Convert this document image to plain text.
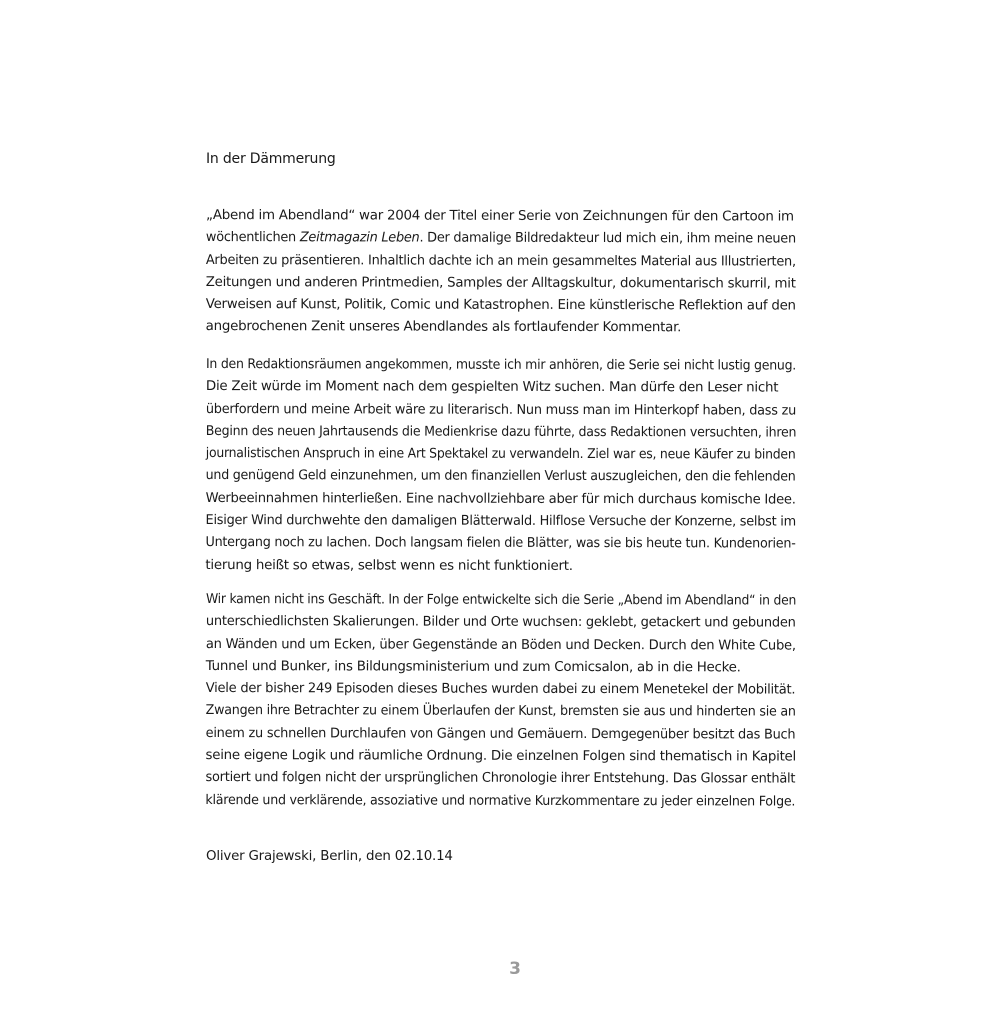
In der Dämmerung
„Abend im Abendland“ war 2004 der Titel einer Serie von Zeichnungen für den Cartoon im
wöchentlichen Zeitmagazin Leben. Der damalige Bildredakteur lud mich ein, ihm meine neuen
Arbeiten zu präsentieren. Inhaltlich dachte ich an mein gesammeltes Material aus Illustrierten,
Zeitungen und anderen Printmedien, Samples der Alltagskultur, dokumentarisch skurril, mit
Verweisen auf Kunst, Politik, Comic und Katastrophen. Eine künstlerische Reflektion auf den
angebrochenen Zenit unseres Abendlandes als fortlaufender Kommentar.
In den Redaktionsräumen angekommen, musste ich mir anhören, die Serie sei nicht lustig genug.
Die Zeit würde im Moment nach dem gespielten Witz suchen. Man dürfe den Leser nicht
überfordern und meine Arbeit wäre zu literarisch. Nun muss man im Hinterkopf haben, dass zu
Beginn des neuen Jahrtausends die Medienkrise dazu führte, dass Redaktionen versuchten, ihren
journalistischen Anspruch in eine Art Spektakel zu verwandeln. Ziel war es, neue Käufer zu binden
und genügend Geld einzunehmen, um den finanziellen Verlust auszugleichen, den die fehlenden
Werbeeinnahmen hinterließen. Eine nachvollziehbare aber für mich durchaus komische Idee.
Eisiger Wind durchwehte den damaligen Blätterwald. Hilflose Versuche der Konzerne, selbst im
Untergang noch zu lachen. Doch langsam fielen die Blätter, was sie bis heute tun. Kundenorien-
tierung heißt so etwas, selbst wenn es nicht funktioniert.
Wir kamen nicht ins Geschäft. In der Folge entwickelte sich die Serie „Abend im Abendland“ in den
unterschiedlichsten Skalierungen. Bilder und Orte wuchsen: geklebt, getackert und gebunden
an Wänden und um Ecken, über Gegenstände an Böden und Decken. Durch den White Cube,
Tunnel und Bunker, ins Bildungsministerium und zum Comicsalon, ab in die Hecke.
Viele der bisher 249 Episoden dieses Buches wurden dabei zu einem Menetekel der Mobilität.
Zwangen ihre Betrachter zu einem Überlaufen der Kunst, bremsten sie aus und hinderten sie an
einem zu schnellen Durchlaufen von Gängen und Gemäuern. Demgegenüber besitzt das Buch
seine eigene Logik und räumliche Ordnung. Die einzelnen Folgen sind thematisch in Kapitel
sortiert und folgen nicht der ursprünglichen Chronologie ihrer Entstehung. Das Glossar enthält
klärende und verklärende, assoziative und normative Kurzkommentare zu jeder einzelnen Folge.
Oliver Grajewski, Berlin, den 02.10.14
3
